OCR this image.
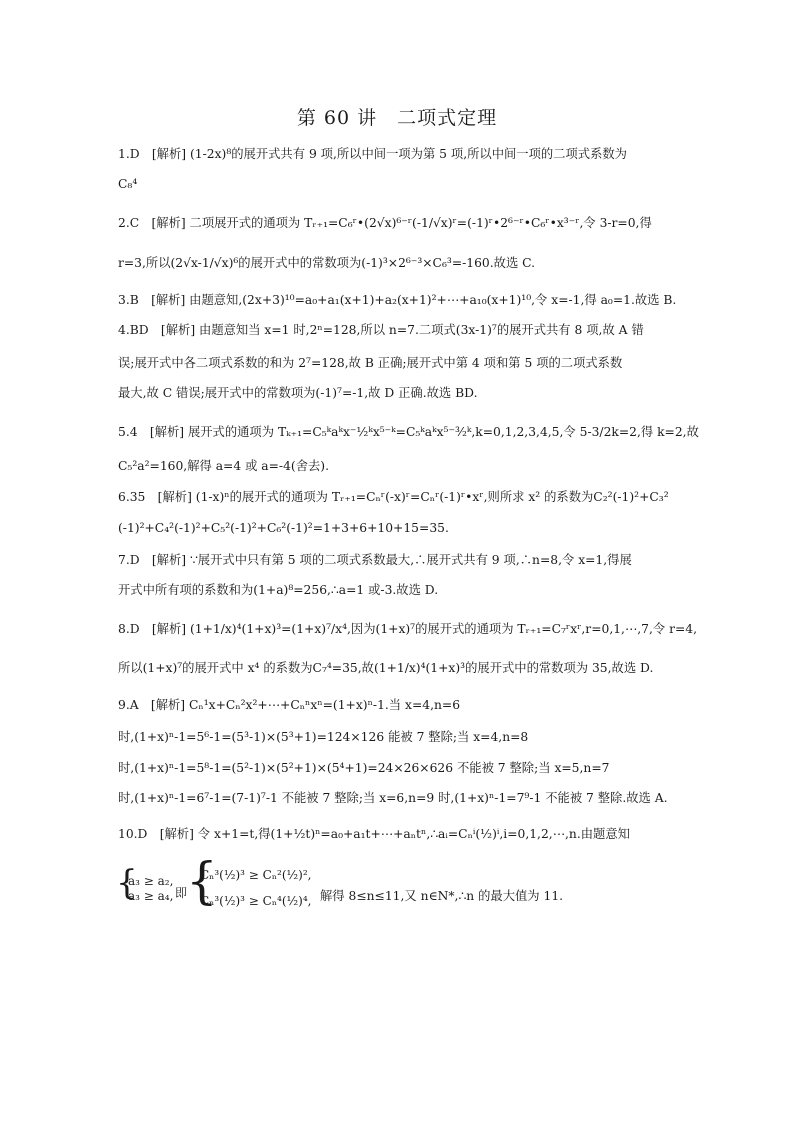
第 60 讲　二项式定理
1.D　[解析] (1-2x)⁸的展开式共有 9 项,所以中间一项为第 5 项,所以中间一项的二项式系数为
C₈⁴
2.C　[解析] 二项展开式的通项为 Tᵣ₊₁=C₆ʳ•(2√x)⁶⁻ʳ(-1/√x)ʳ=(-1)ʳ•2⁶⁻ʳ•C₆ʳ•x³⁻ʳ,令 3-r=0,得
r=3,所以(2√x-1/√x)⁶的展开式中的常数项为(-1)³×2⁶⁻³×C₆³=-160.故选 C.
3.B　[解析] 由题意知,(2x+3)¹⁰=a₀+a₁(x+1)+a₂(x+1)²+⋯+a₁₀(x+1)¹⁰,令 x=-1,得 a₀=1.故选 B.
4.BD　[解析] 由题意知当 x=1 时,2ⁿ=128,所以 n=7.二项式(3x-1)⁷的展开式共有 8 项,故 A 错
误;展开式中各二项式系数的和为 2⁷=128,故 B 正确;展开式中第 4 项和第 5 项的二项式系数
最大,故 C 错误;展开式中的常数项为(-1)⁷=-1,故 D 正确.故选 BD.
5.4　[解析] 展开式的通项为 Tₖ₊₁=C₅ᵏaᵏx⁻½ᵏx⁵⁻ᵏ=C₅ᵏaᵏx⁵⁻³⁄₂ᵏ,k=0,1,2,3,4,5,令 5-3/2k=2,得 k=2,故
C₅²a²=160,解得 a=4 或 a=-4(舍去).
6.35　[解析] (1-x)ⁿ的展开式的通项为 Tᵣ₊₁=Cₙʳ(-x)ʳ=Cₙʳ(-1)ʳ•xʳ,则所求 x² 的系数为C₂²(-1)²+C₃²
(-1)²+C₄²(-1)²+C₅²(-1)²+C₆²(-1)²=1+3+6+10+15=35.
7.D　[解析] ∵展开式中只有第 5 项的二项式系数最大,∴展开式共有 9 项,∴n=8,令 x=1,得展
开式中所有项的系数和为(1+a)⁸=256,∴a=1 或-3.故选 D.
8.D　[解析] (1+1/x)⁴(1+x)³=(1+x)⁷/x⁴,因为(1+x)⁷的展开式的通项为 Tᵣ₊₁=C₇ʳxʳ,r=0,1,⋯,7,令 r=4,
所以(1+x)⁷的展开式中 x⁴ 的系数为C₇⁴=35,故(1+1/x)⁴(1+x)³的展开式中的常数项为 35,故选 D.
9.A　[解析] Cₙ¹x+Cₙ²x²+⋯+Cₙⁿxⁿ=(1+x)ⁿ-1.当 x=4,n=6
时,(1+x)ⁿ-1=5⁶-1=(5³-1)×(5³+1)=124×126 能被 7 整除;当 x=4,n=8
时,(1+x)ⁿ-1=5⁸-1=(5²-1)×(5²+1)×(5⁴+1)=24×26×626 不能被 7 整除;当 x=5,n=7
时,(1+x)ⁿ-1=6⁷-1=(7-1)⁷-1 不能被 7 整除;当 x=6,n=9 时,(1+x)ⁿ-1=7⁹-1 不能被 7 整除.故选 A.
10.D　[解析] 令 x+1=t,得(1+½t)ⁿ=a₀+a₁t+⋯+aₙtⁿ,∴aᵢ=Cₙⁱ(½)ⁱ,i=0,1,2,⋯,n.由题意知
{
a₃ ≥ a₂,
a₃ ≥ a₄, 即
{
Cₙ³(½)³ ≥ Cₙ²(½)²,
Cₙ³(½)³ ≥ Cₙ⁴(½)⁴, 解得 8≤n≤11,又 n∈N*,∴n 的最大值为 11.
